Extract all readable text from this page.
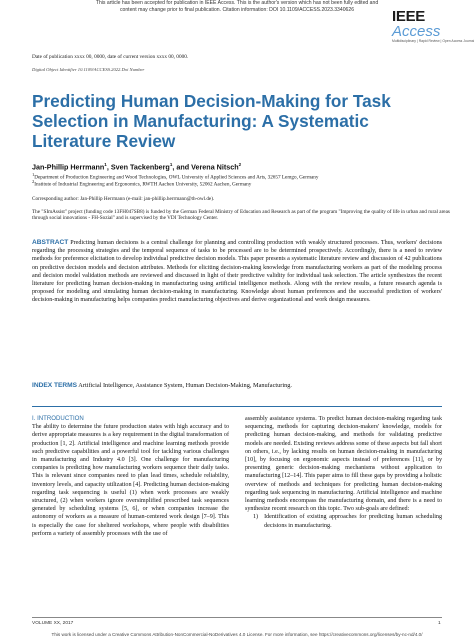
This article has been accepted for publication in IEEE Access. This is the author's version which has not been fully edited and
content may change prior to final publication. Citation information: DOI 10.1109/ACCESS.2023.3340626	IEEE Access
Multidisciplinary | Rapid Review | Open Access Journal
Date of publication xxxx 00, 0000, date of current version xxxx 00, 0000.
Digital Object Identifier 10.1109/ACCESS.2022.Doi Number
Predicting Human Decision-Making for Task Selection in Manufacturing: A Systematic Literature Review
Jan-Phillip Herrmann$^1$, Sven Tackenberg$^1$, and Verena Nitsch$^2$
$^1$Department of Production Engineering and Wood Technologies, OWL University of Applied Sciences and Arts, 32657 Lemgo, Germany
$^2$Institute of Industrial Engineering and Ergonomics, RWTH Aachen University, 52062 Aachen, Germany
Corresponding author: Jan-Phillip Herrmann (e-mail: jan-phillip.herrmann@th-owl.de).
The "SImAssist" project (funding code 13FH047SB8) is funded by the German Federal Ministry of Education and Research as part of the program "Improving the quality of life in urban and rural areas through social innovations - FH-Sozial" and is supervised by the VDI Technology Center.
ABSTRACT Predicting human decisions is a central challenge for planning and controlling production with weakly structured processes. Thus, workers' decisions regarding the processing strategies and the temporal sequence of tasks to be processed are to be determined prospectively. Accordingly, there is a need to review methods for preference elicitation to develop individual predictive decision models. This paper presents a systematic literature review and discussion of 42 publications on predictive decision models and decision attributes. Methods for eliciting decision-making knowledge from manufacturing workers as part of the modeling process and decision model validation methods are reviewed and discussed in light of their predictive validity for individual task selection. The article synthesizes the recent literature for predicting human decision-making in manufacturing using artificial intelligence methods. Along with the review results, a future research agenda is proposed for modeling and simulating human decision-making in manufacturing. Knowledge about human preferences and the successful prediction of workers' decision-making in manufacturing helps companies predict manufacturing objectives and derive organizational and work design measures.
INDEX TERMS Artificial Intelligence, Assistance System, Human Decision-Making, Manufacturing.
I. INTRODUCTION
The ability to determine the future production states with high accuracy and to derive appropriate measures is a key requirement in the digital transformation of production [1, 2]. Artificial intelligence and machine learning methods provide such predictive capabilities and a powerful tool for tackling various challenges in manufacturing and Industry 4.0 [3]. One challenge for manufacturing companies is predicting how manufacturing workers sequence their daily tasks. This is relevant since companies need to plan lead times, schedule reliability, inventory levels, and capacity utilization [4]. Predicting human decision-making regarding task sequencing is useful (1) when work processes are weakly structured, (2) when workers ignore oversimplified prescribed task sequences generated by scheduling systems [5, 6], or when companies increase the autonomy of workers as a measure of human-centered work design [7–9]. This is especially the case for sheltered workshops, where people with disabilities perform a variety of assembly processes with the use of
assembly assistance systems. To predict human decision-making regarding task sequencing, methods for capturing decision-makers' knowledge, models for predicting human decision-making, and methods for validating predictive models are needed. Existing reviews address some of these aspects but fall short on others, i.e., by lacking results on human decision-making in manufacturing [10], by focusing on ergonomic aspects instead of preferences [11], or by presenting generic decision-making mechanisms without application to manufacturing [12–14]. This paper aims to fill these gaps by providing a holistic overview of methods and techniques for predicting human decision-making regarding task sequencing in manufacturing. Artificial intelligence and machine learning methods encompass the manufacturing domain, and there is a need to synthesize recent research on this topic. Two sub-goals are defined:
1) Identification of existing approaches for predicting human scheduling decisions in manufacturing.
VOLUME XX, 2017	1
This work is licensed under a Creative Commons Attribution-NonCommercial-NoDerivatives 4.0 License. For more information, see https://creativecommons.org/licenses/by-nc-nd/4.0/
